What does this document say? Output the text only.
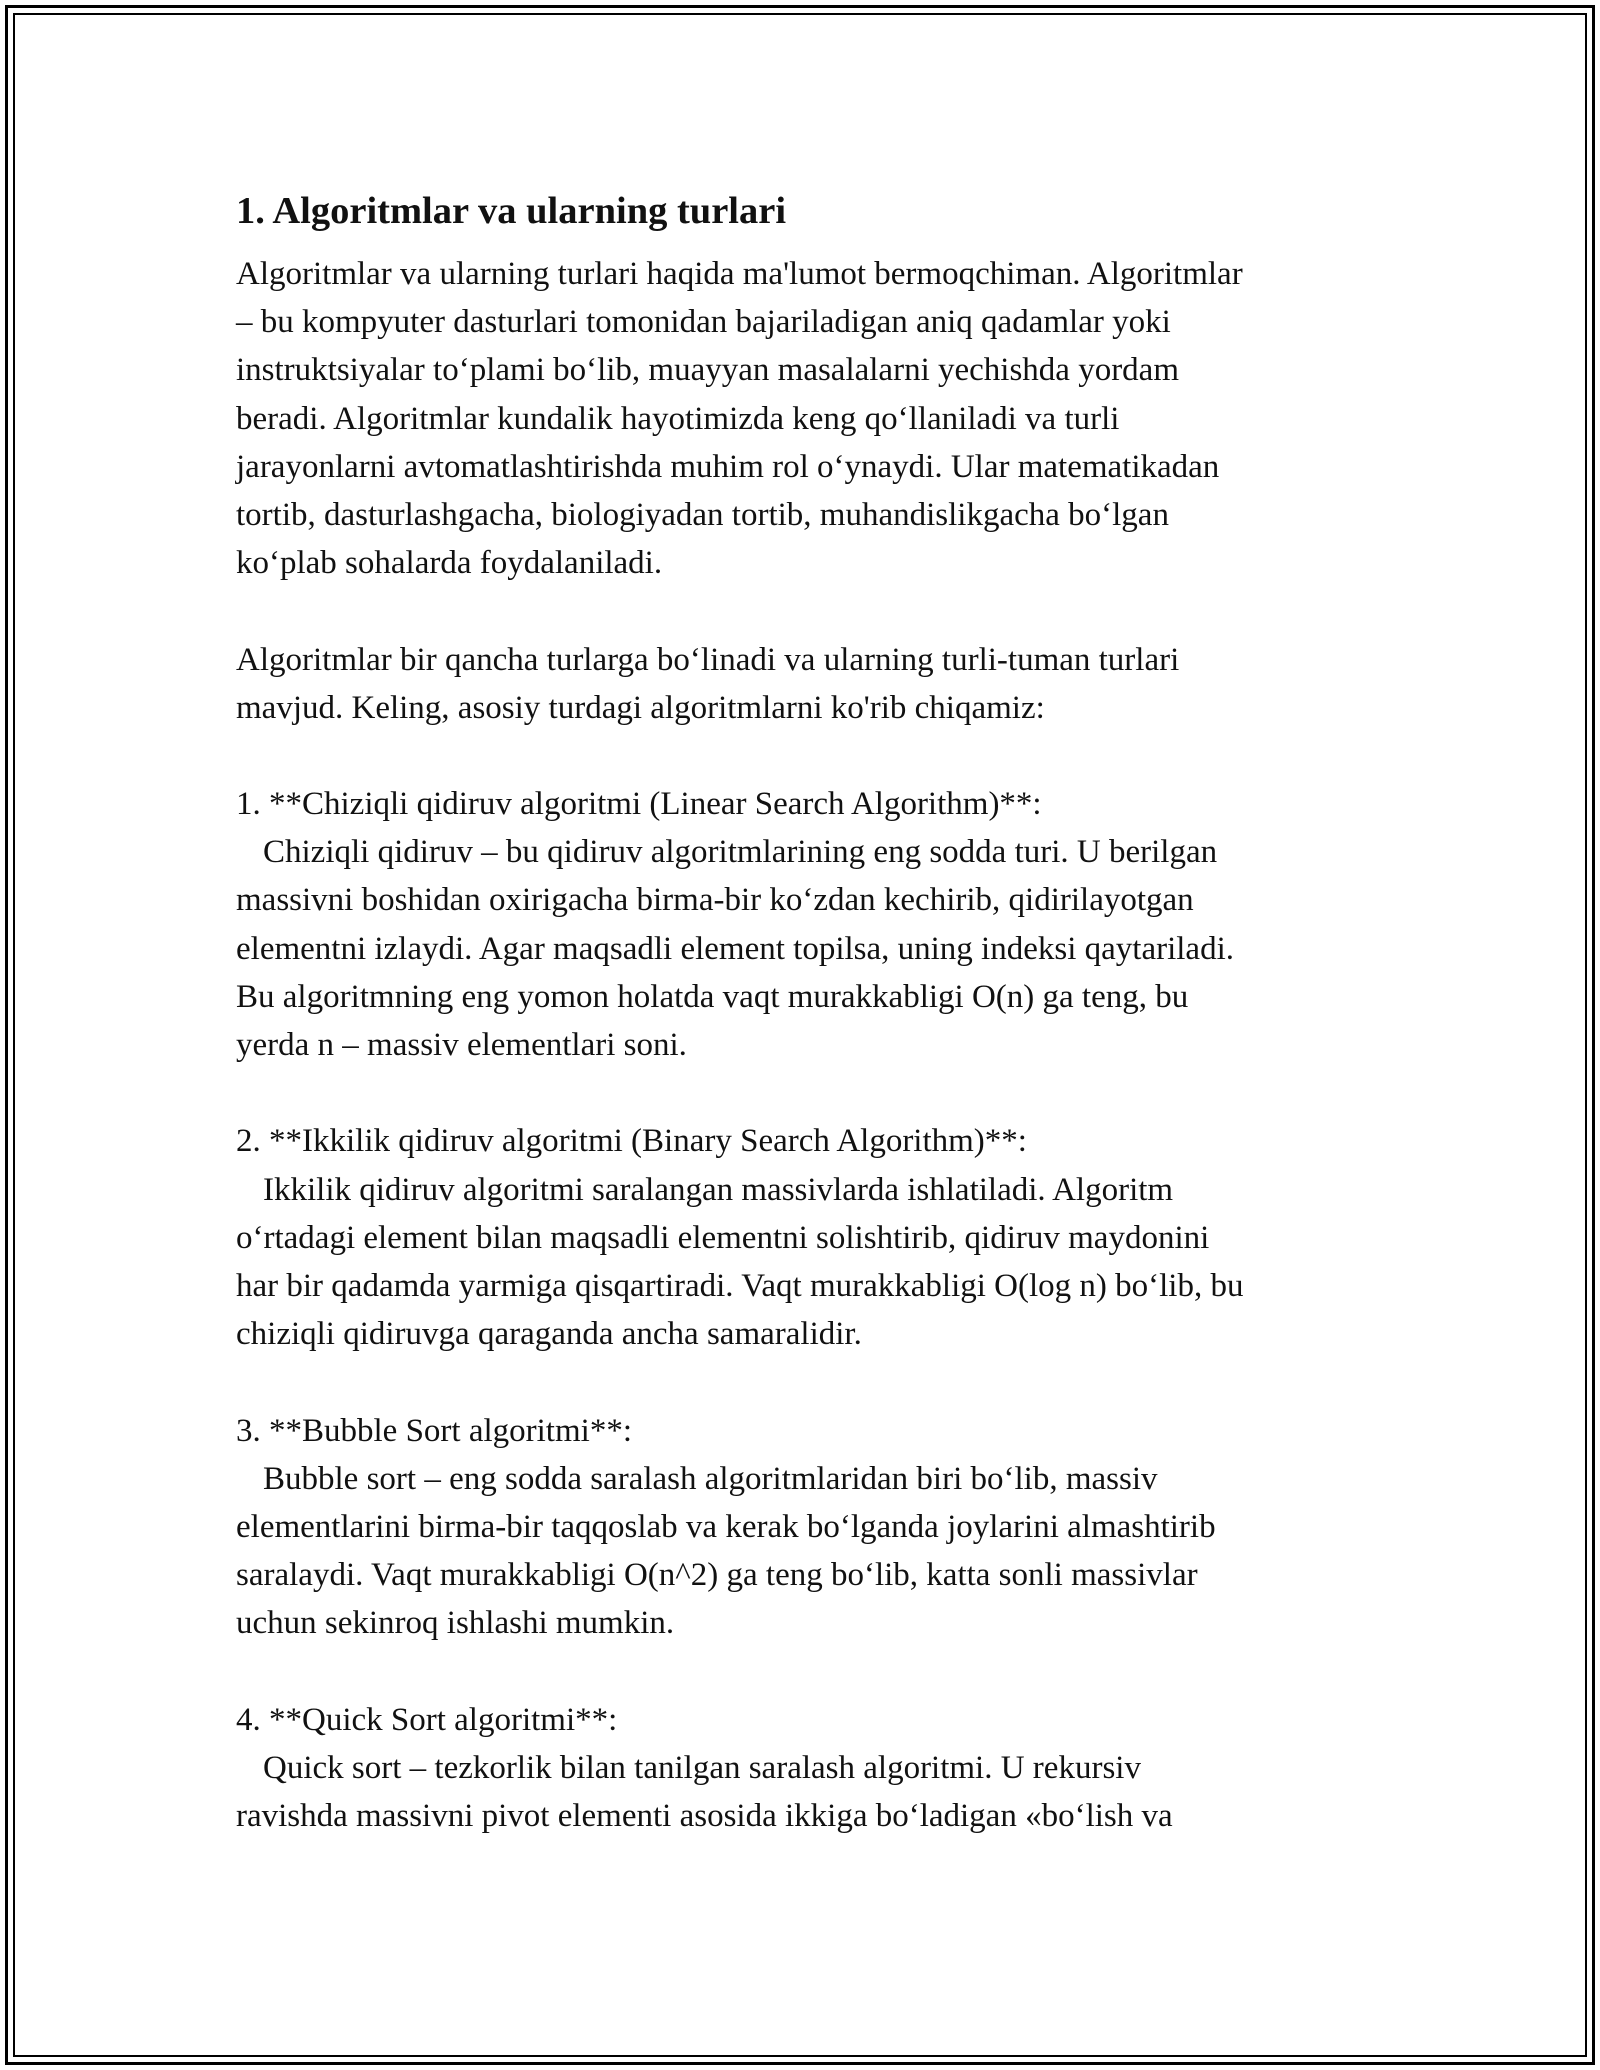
1. Algoritmlar va ularning turlari
Algoritmlar va ularning turlari haqida ma'lumot bermoqchiman. Algoritmlar
– bu kompyuter dasturlari tomonidan bajariladigan aniq qadamlar yoki
instruktsiyalar to‘plami bo‘lib, muayyan masalalarni yechishda yordam
beradi. Algoritmlar kundalik hayotimizda keng qo‘llaniladi va turli
jarayonlarni avtomatlashtirishda muhim rol o‘ynaydi. Ular matematikadan
tortib, dasturlashgacha, biologiyadan tortib, muhandislikgacha bo‘lgan
ko‘plab sohalarda foydalaniladi.
Algoritmlar bir qancha turlarga bo‘linadi va ularning turli-tuman turlari
mavjud. Keling, asosiy turdagi algoritmlarni ko'rib chiqamiz:
1. **Chiziqli qidiruv algoritmi (Linear Search Algorithm)**:
Chiziqli qidiruv – bu qidiruv algoritmlarining eng sodda turi. U berilgan
massivni boshidan oxirigacha birma-bir ko‘zdan kechirib, qidirilayotgan
elementni izlaydi. Agar maqsadli element topilsa, uning indeksi qaytariladi.
Bu algoritmning eng yomon holatda vaqt murakkabligi O(n) ga teng, bu
yerda n – massiv elementlari soni.
2. **Ikkilik qidiruv algoritmi (Binary Search Algorithm)**:
Ikkilik qidiruv algoritmi saralangan massivlarda ishlatiladi. Algoritm
o‘rtadagi element bilan maqsadli elementni solishtirib, qidiruv maydonini
har bir qadamda yarmiga qisqartiradi. Vaqt murakkabligi O(log n) bo‘lib, bu
chiziqli qidiruvga qaraganda ancha samaralidir.
3. **Bubble Sort algoritmi**:
Bubble sort – eng sodda saralash algoritmlaridan biri bo‘lib, massiv
elementlarini birma-bir taqqoslab va kerak bo‘lganda joylarini almashtirib
saralaydi. Vaqt murakkabligi O(n^2) ga teng bo‘lib, katta sonli massivlar
uchun sekinroq ishlashi mumkin.
4. **Quick Sort algoritmi**:
Quick sort – tezkorlik bilan tanilgan saralash algoritmi. U rekursiv
ravishda massivni pivot elementi asosida ikkiga bo‘ladigan «bo‘lish va
